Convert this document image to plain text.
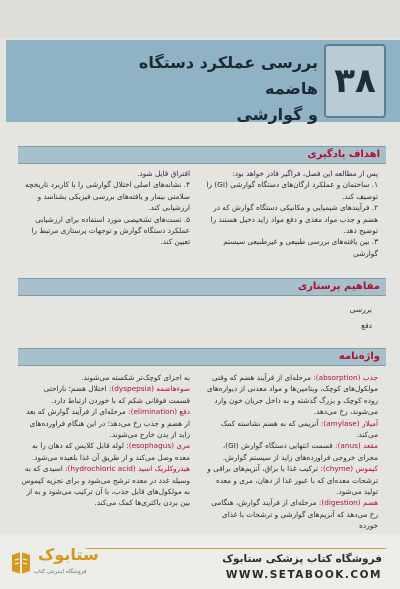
۳۸
بررسی عملکرد دستگاه هاضمه
و گوارشی
اهداف یادگیری

پس از مطالعه این فصل، فراگیر قادر خواهد بود:

۱. ساختمان و عملکرد ارگان‌های دستگاه گوارشی (GI) را توصیف کند.

۲. فرآیندهای شیمیایی و مکانیکی دستگاه گوارش که در هضم و جذب مواد مغذی و دفع مواد زاید دخیل هستند را توضیح دهد.

۳. بین یافته‌های بررسی طبیعی و غیرطبیعی سیستم گوارشی

افتراق قایل شود.

۴. نشانه‌های اصلی اختلال گوارشی را با کاربرد تاریخچه سلامتی بیمار و یافته‌های بررسی فیزیکی بشناسد و ارزشیابی کند.

۵. تست‌های تشخیصی مورد استفاده برای ارزشیابی عملکرد دستگاه گوارش و توجهات پرستاری مرتبط را تعیین کند.

مفاهیم پرستاری
بررسی
دفع
واژه‌نامه

جذب (absorption): مرحله‌ای از فرآیند هضم که وقتی مولکول‌های کوچک، ویتامین‌ها و مواد معدنی از دیواره‌های روده کوچک و بزرگ گذشته و به داخل جریان خون وارد می‌شوند، رخ می‌دهد.

آمیلاز (amylase): آنزیمی که به هضم نشاسته کمک می‌کند.

مقعد (anus): قسمت انتهایی دستگاه گوارش (GI)، مجرای خروجی فراورده‌های زاید از سیستم گوارش.

کیموس (chyme): ترکیب غذا با بزاق، آنزیم‌های براقی و ترشحات معده‌ای که با عبور غذا از دهان، مری و معده تولید می‌شود.

هضم (digestion): مرحله‌ای از فرآیند گوارش، هنگامی رخ می‌دهد که آنزیم‌های گوارشی و ترشحات با غذای خورده

به اجزای کوچک‌تر شکسته می‌شوند.

سوءهاضمه (dyspepsia): اختلال هضم؛ ناراحتی قسمت فوقانی شکم که با خوردن ارتباط دارد.

دفع (elimination): مرحله‌ای از فرآیند گوارش که بعد از هضم و جذب رخ می‌دهد؛ در این هنگام فراورده‌های زاید از بدن خارج می‌شوند.

مری (esophagus): لوله قابل کلاپس که دهان را به معده وصل می‌کند و از طریق آن غذا بلعیده می‌شود.

هیدروکلریک اسید (hydrochloric acid): اسیدی که به وسیله غدد در معده ترشح می‌شود و برای تجزیه کیموس به مولکول‌های قابل جذب، با آن ترکیب می‌شود و به از بین بردن باکتری‌ها کمک می‌کند.

ستابوک
فروشگاه اینترنتی کتاب
فروشگاه کتاب پزشکی ستابوک
WWW.SETABOOK.COM
